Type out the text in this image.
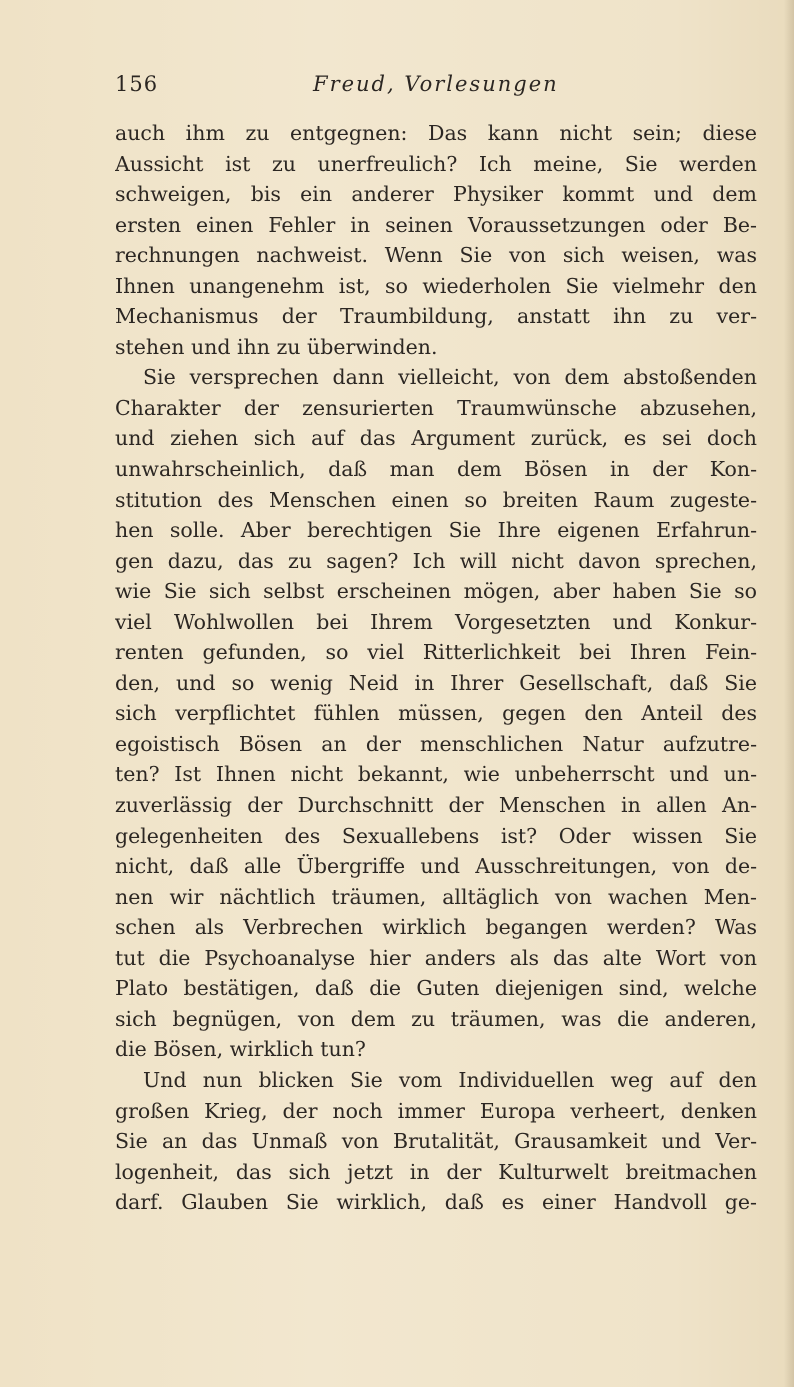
156	Freud, Vorlesungen
auch ihm zu entgegnen: Das kann nicht sein; diese
Aussicht ist zu unerfreulich? Ich meine, Sie werden
schweigen, bis ein anderer Physiker kommt und dem
ersten einen Fehler in seinen Voraussetzungen oder Be-
rechnungen nachweist. Wenn Sie von sich weisen, was
Ihnen unangenehm ist, so wiederholen Sie vielmehr den
Mechanismus der Traumbildung, anstatt ihn zu ver-
stehen und ihn zu überwinden.
Sie versprechen dann vielleicht, von dem abstoßenden
Charakter der zensurierten Traumwünsche abzusehen,
und ziehen sich auf das Argument zurück, es sei doch
unwahrscheinlich, daß man dem Bösen in der Kon-
stitution des Menschen einen so breiten Raum zugeste-
hen solle. Aber berechtigen Sie Ihre eigenen Erfahrun-
gen dazu, das zu sagen? Ich will nicht davon sprechen,
wie Sie sich selbst erscheinen mögen, aber haben Sie so
viel Wohlwollen bei Ihrem Vorgesetzten und Konkur-
renten gefunden, so viel Ritterlichkeit bei Ihren Fein-
den, und so wenig Neid in Ihrer Gesellschaft, daß Sie
sich verpflichtet fühlen müssen, gegen den Anteil des
egoistisch Bösen an der menschlichen Natur aufzutre-
ten? Ist Ihnen nicht bekannt, wie unbeherrscht und un-
zuverlässig der Durchschnitt der Menschen in allen An-
gelegenheiten des Sexuallebens ist? Oder wissen Sie
nicht, daß alle Übergriffe und Ausschreitungen, von de-
nen wir nächtlich träumen, alltäglich von wachen Men-
schen als Verbrechen wirklich begangen werden? Was
tut die Psychoanalyse hier anders als das alte Wort von
Plato bestätigen, daß die Guten diejenigen sind, welche
sich begnügen, von dem zu träumen, was die anderen,
die Bösen, wirklich tun?
Und nun blicken Sie vom Individuellen weg auf den
großen Krieg, der noch immer Europa verheert, denken
Sie an das Unmaß von Brutalität, Grausamkeit und Ver-
logenheit, das sich jetzt in der Kulturwelt breitmachen
darf. Glauben Sie wirklich, daß es einer Handvoll ge-
